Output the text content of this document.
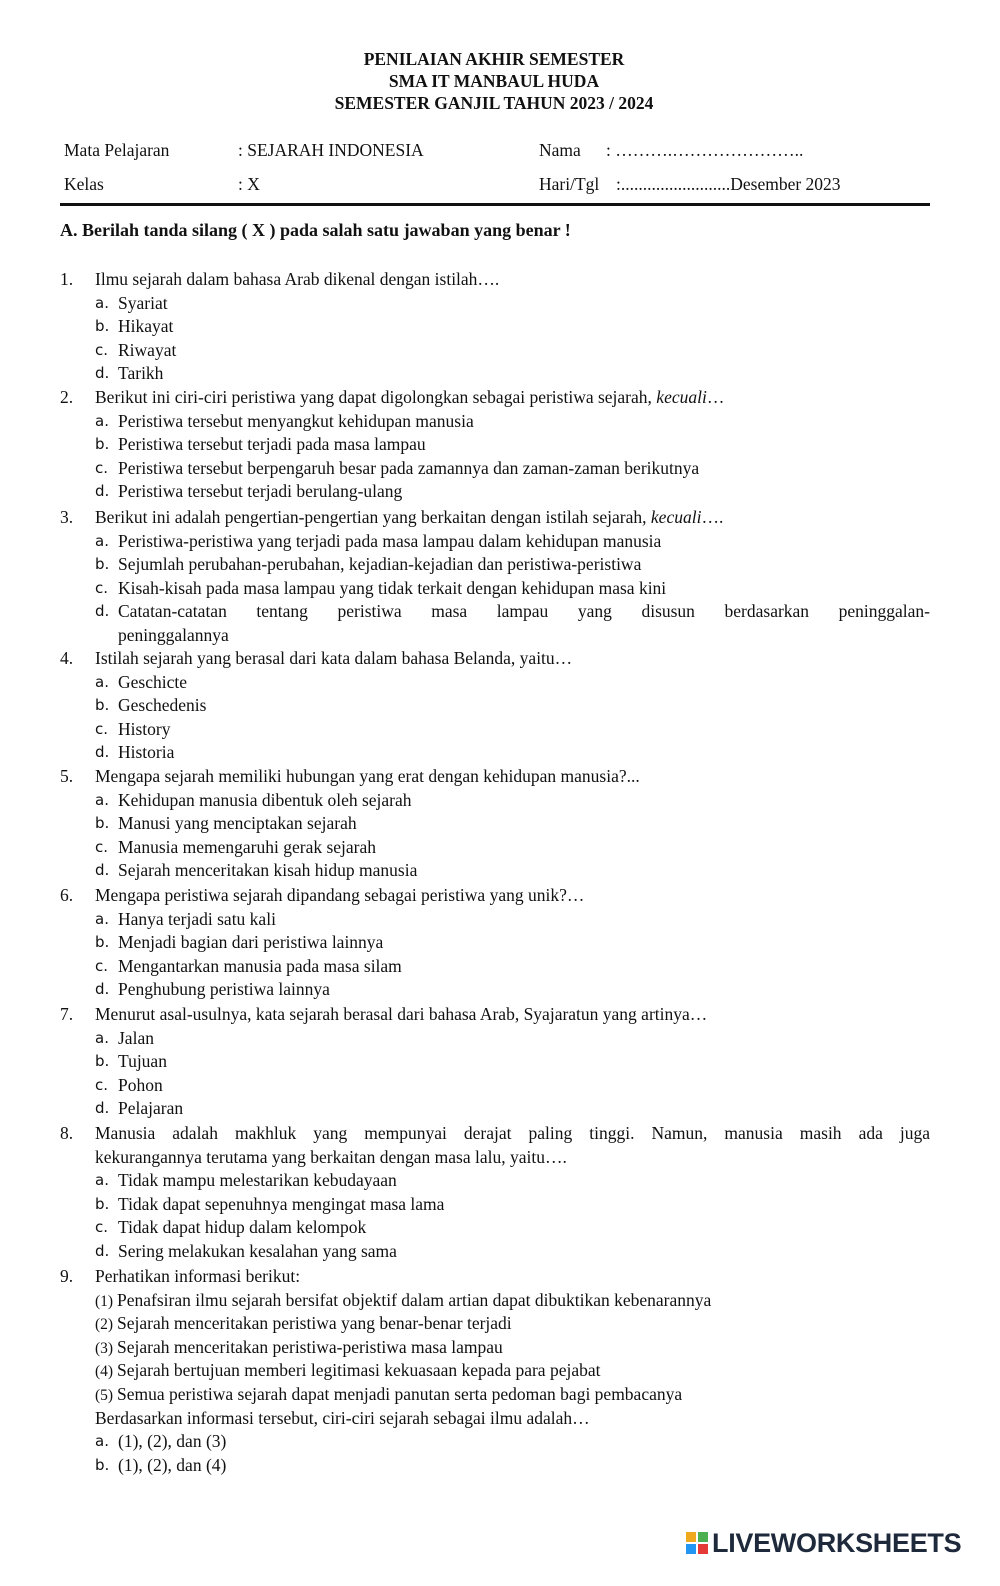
PENILAIAN AKHIR SEMESTER
SMA IT MANBAUL HUDA
SEMESTER GANJIL TAHUN 2023 / 2024
Mata Pelajaran	: SEJARAH INDONESIA	Nama : ……….…………………..
Kelas	: X	Hari/Tgl :.........................Desember 2023
A. Berilah tanda silang ( X ) pada salah satu jawaban yang benar !
1. Ilmu sejarah dalam bahasa Arab dikenal dengan istilah….
a. Syariat
b. Hikayat
c. Riwayat
d. Tarikh
2. Berikut ini ciri-ciri peristiwa yang dapat digolongkan sebagai peristiwa sejarah, kecuali…
a. Peristiwa tersebut menyangkut kehidupan manusia
b. Peristiwa tersebut terjadi pada masa lampau
c. Peristiwa tersebut berpengaruh besar pada zamannya dan zaman-zaman berikutnya
d. Peristiwa tersebut terjadi berulang-ulang
3. Berikut ini adalah pengertian-pengertian yang berkaitan dengan istilah sejarah, kecuali….
a. Peristiwa-peristiwa yang terjadi pada masa lampau dalam kehidupan manusia
b. Sejumlah perubahan-perubahan, kejadian-kejadian dan peristiwa-peristiwa
c. Kisah-kisah pada masa lampau yang tidak terkait dengan kehidupan masa kini
d. Catatan-catatan tentang peristiwa masa lampau yang disusun berdasarkan peninggalan-
peninggalannya
4. Istilah sejarah yang berasal dari kata dalam bahasa Belanda, yaitu…
a. Geschicte
b. Geschedenis
c. History
d. Historia
5. Mengapa sejarah memiliki hubungan yang erat dengan kehidupan manusia?...
a. Kehidupan manusia dibentuk oleh sejarah
b. Manusi yang menciptakan sejarah
c. Manusia memengaruhi gerak sejarah
d. Sejarah menceritakan kisah hidup manusia
6. Mengapa peristiwa sejarah dipandang sebagai peristiwa yang unik?…
a. Hanya terjadi satu kali
b. Menjadi bagian dari peristiwa lainnya
c. Mengantarkan manusia pada masa silam
d. Penghubung peristiwa lainnya
7. Menurut asal-usulnya, kata sejarah berasal dari bahasa Arab, Syajaratun yang artinya…
a. Jalan
b. Tujuan
c. Pohon
d. Pelajaran
8. Manusia adalah makhluk yang mempunyai derajat paling tinggi. Namun, manusia masih ada juga
kekurangannya terutama yang berkaitan dengan masa lalu, yaitu….
a. Tidak mampu melestarikan kebudayaan
b. Tidak dapat sepenuhnya mengingat masa lama
c. Tidak dapat hidup dalam kelompok
d. Sering melakukan kesalahan yang sama
9. Perhatikan informasi berikut:
(1) Penafsiran ilmu sejarah bersifat objektif dalam artian dapat dibuktikan kebenarannya
(2) Sejarah menceritakan peristiwa yang benar-benar terjadi
(3) Sejarah menceritakan peristiwa-peristiwa masa lampau
(4) Sejarah bertujuan memberi legitimasi kekuasaan kepada para pejabat
(5) Semua peristiwa sejarah dapat menjadi panutan serta pedoman bagi pembacanya
Berdasarkan informasi tersebut, ciri-ciri sejarah sebagai ilmu adalah…
a. (1), (2), dan (3)
b. (1), (2), dan (4)
LIVEWORKSHEETS
